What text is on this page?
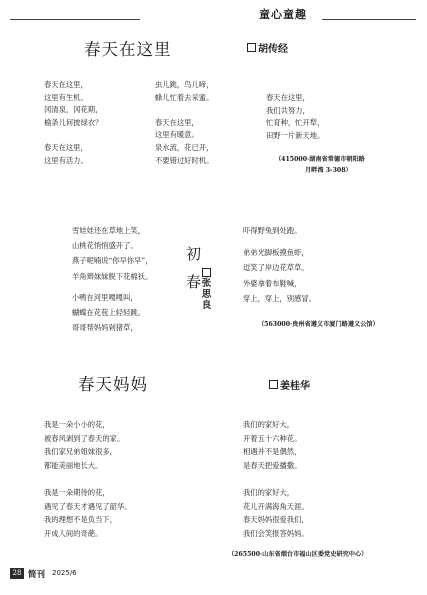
童心童趣
春天在这里	胡传经
春天在这里，
这里有生机。
冈清泉，冈花期，
榆条儿何披绿衣？

春天在这里，
这里有活力。
虫儿跳，鸟儿啼，
蜂儿忙着去采蜜。

春天在这里，
这里有暖意。
泉水流，花已开，
不要错过好时机。
春天在这里，
我们共努力，
忙育种，忙开犁，
田野一片新天地。
（415000·湖南省常德市朝阳路
月畔湾 3-308）
雪娃娃还在草地上笑，
山桃花悄悄盛开了。
燕子呢喃说“你早你早”，
羊角辫妹妹脱下花棉袄。
小鸭在河里嘎嘎叫，
蝴蝶在花苞上轻轻跳。
哥哥帮妈妈剁猪草，
初
春 张
思
良
吓得野兔到处跑。
弟弟光脚板摸鱼虾，
逗笑了岸边花草草。
外婆拿着布鞋喊，
穿上，穿上，别感冒。
（563000·贵州省遵义市厦门路遵义公馆）
春天妈妈	姜桂华
我是一朵小小的花，
被春风剥到了春天的家。
我们家兄弟姐妹很多，
都能美丽地长大。
我是一朵期待的花，
遇见了春天才遇见了韶华。
我的理想不是负当下，
开成人间的奇葩。
我们的家好大，
开着五十六种花。
相遇并不是偶然，
是春天把爱播撒。
我们的家好大，
花儿开满海角天涯。
春天妈妈很爱我们，
我们会笑报答妈妈。
（265500·山东省烟台市福山区委党史研究中心）
28 简刊 2025/6
